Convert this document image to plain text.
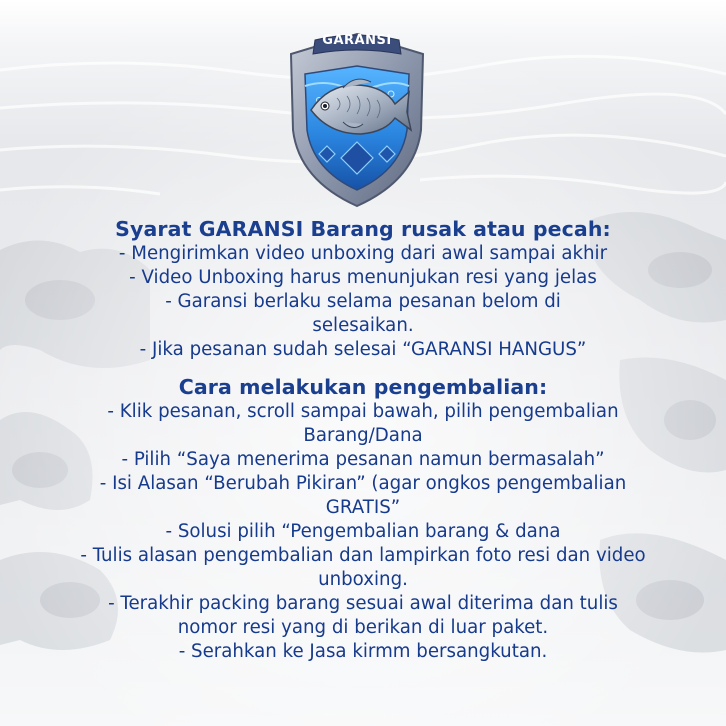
GARANSI
Syarat GARANSI Barang rusak atau pecah:
- Mengirimkan video unboxing dari awal sampai akhir
- Video Unboxing harus menunjukan resi yang jelas
- Garansi berlaku selama pesanan belom di
selesaikan.
- Jika pesanan sudah selesai “GARANSI HANGUS”
Cara melakukan pengembalian:
- Klik pesanan, scroll sampai bawah, pilih pengembalian
Barang/Dana
- Pilih “Saya menerima pesanan namun bermasalah”
- Isi Alasan “Berubah Pikiran” (agar ongkos pengembalian
GRATIS”
- Solusi pilih “Pengembalian barang & dana
- Tulis alasan pengembalian dan lampirkan foto resi dan video
unboxing.
- Terakhir packing barang sesuai awal diterima dan tulis
nomor resi yang di berikan di luar paket.
- Serahkan ke Jasa kirmm bersangkutan.
